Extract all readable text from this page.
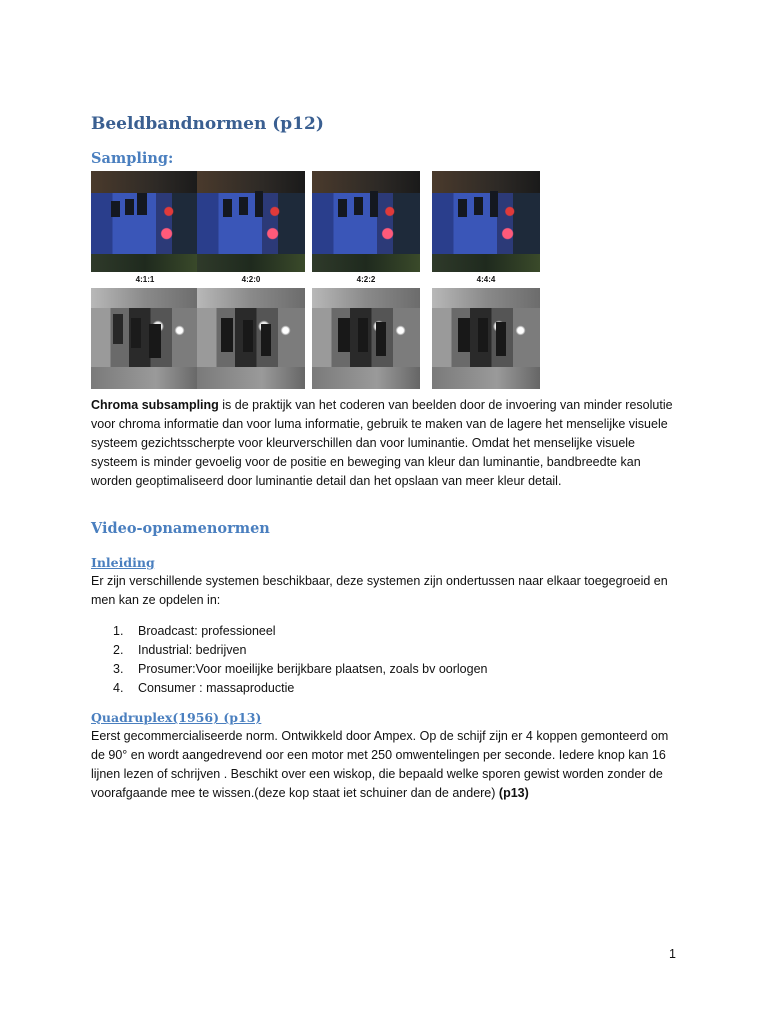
Beeldbandnormen (p12)
Sampling:
4:1:1	4:2:0	4:2:2	4:4:4
Chroma subsampling is de praktijk van het coderen van beelden door de invoering van minder resolutie voor chroma informatie dan voor luma informatie, gebruik te maken van de lagere het menselijke visuele systeem gezichtsscherpte voor kleurverschillen dan voor luminantie. Omdat het menselijke visuele systeem is minder gevoelig voor de positie en beweging van kleur dan luminantie, bandbreedte kan worden geoptimaliseerd door luminantie detail dan het opslaan van meer kleur detail.
Video-opnamenormen
Inleiding
Er zijn verschillende systemen beschikbaar, deze systemen zijn ondertussen naar elkaar toegegroeid en men kan ze opdelen in:
1. Broadcast: professioneel
2. Industrial: bedrijven
3. Prosumer:Voor moeilijke berijkbare plaatsen, zoals bv oorlogen
4. Consumer : massaproductie
Quadruplex(1956) (p13)
Eerst gecommercialiseerde norm. Ontwikkeld door Ampex. Op de schijf zijn er 4 koppen gemonteerd om de 90° en wordt aangedrevend oor een motor met 250 omwentelingen per seconde. Iedere knop kan 16 lijnen lezen of schrijven . Beschikt over een wiskop, die bepaald welke sporen gewist worden zonder de voorafgaande mee te wissen.(deze kop staat iet schuiner dan de andere) (p13)
1
